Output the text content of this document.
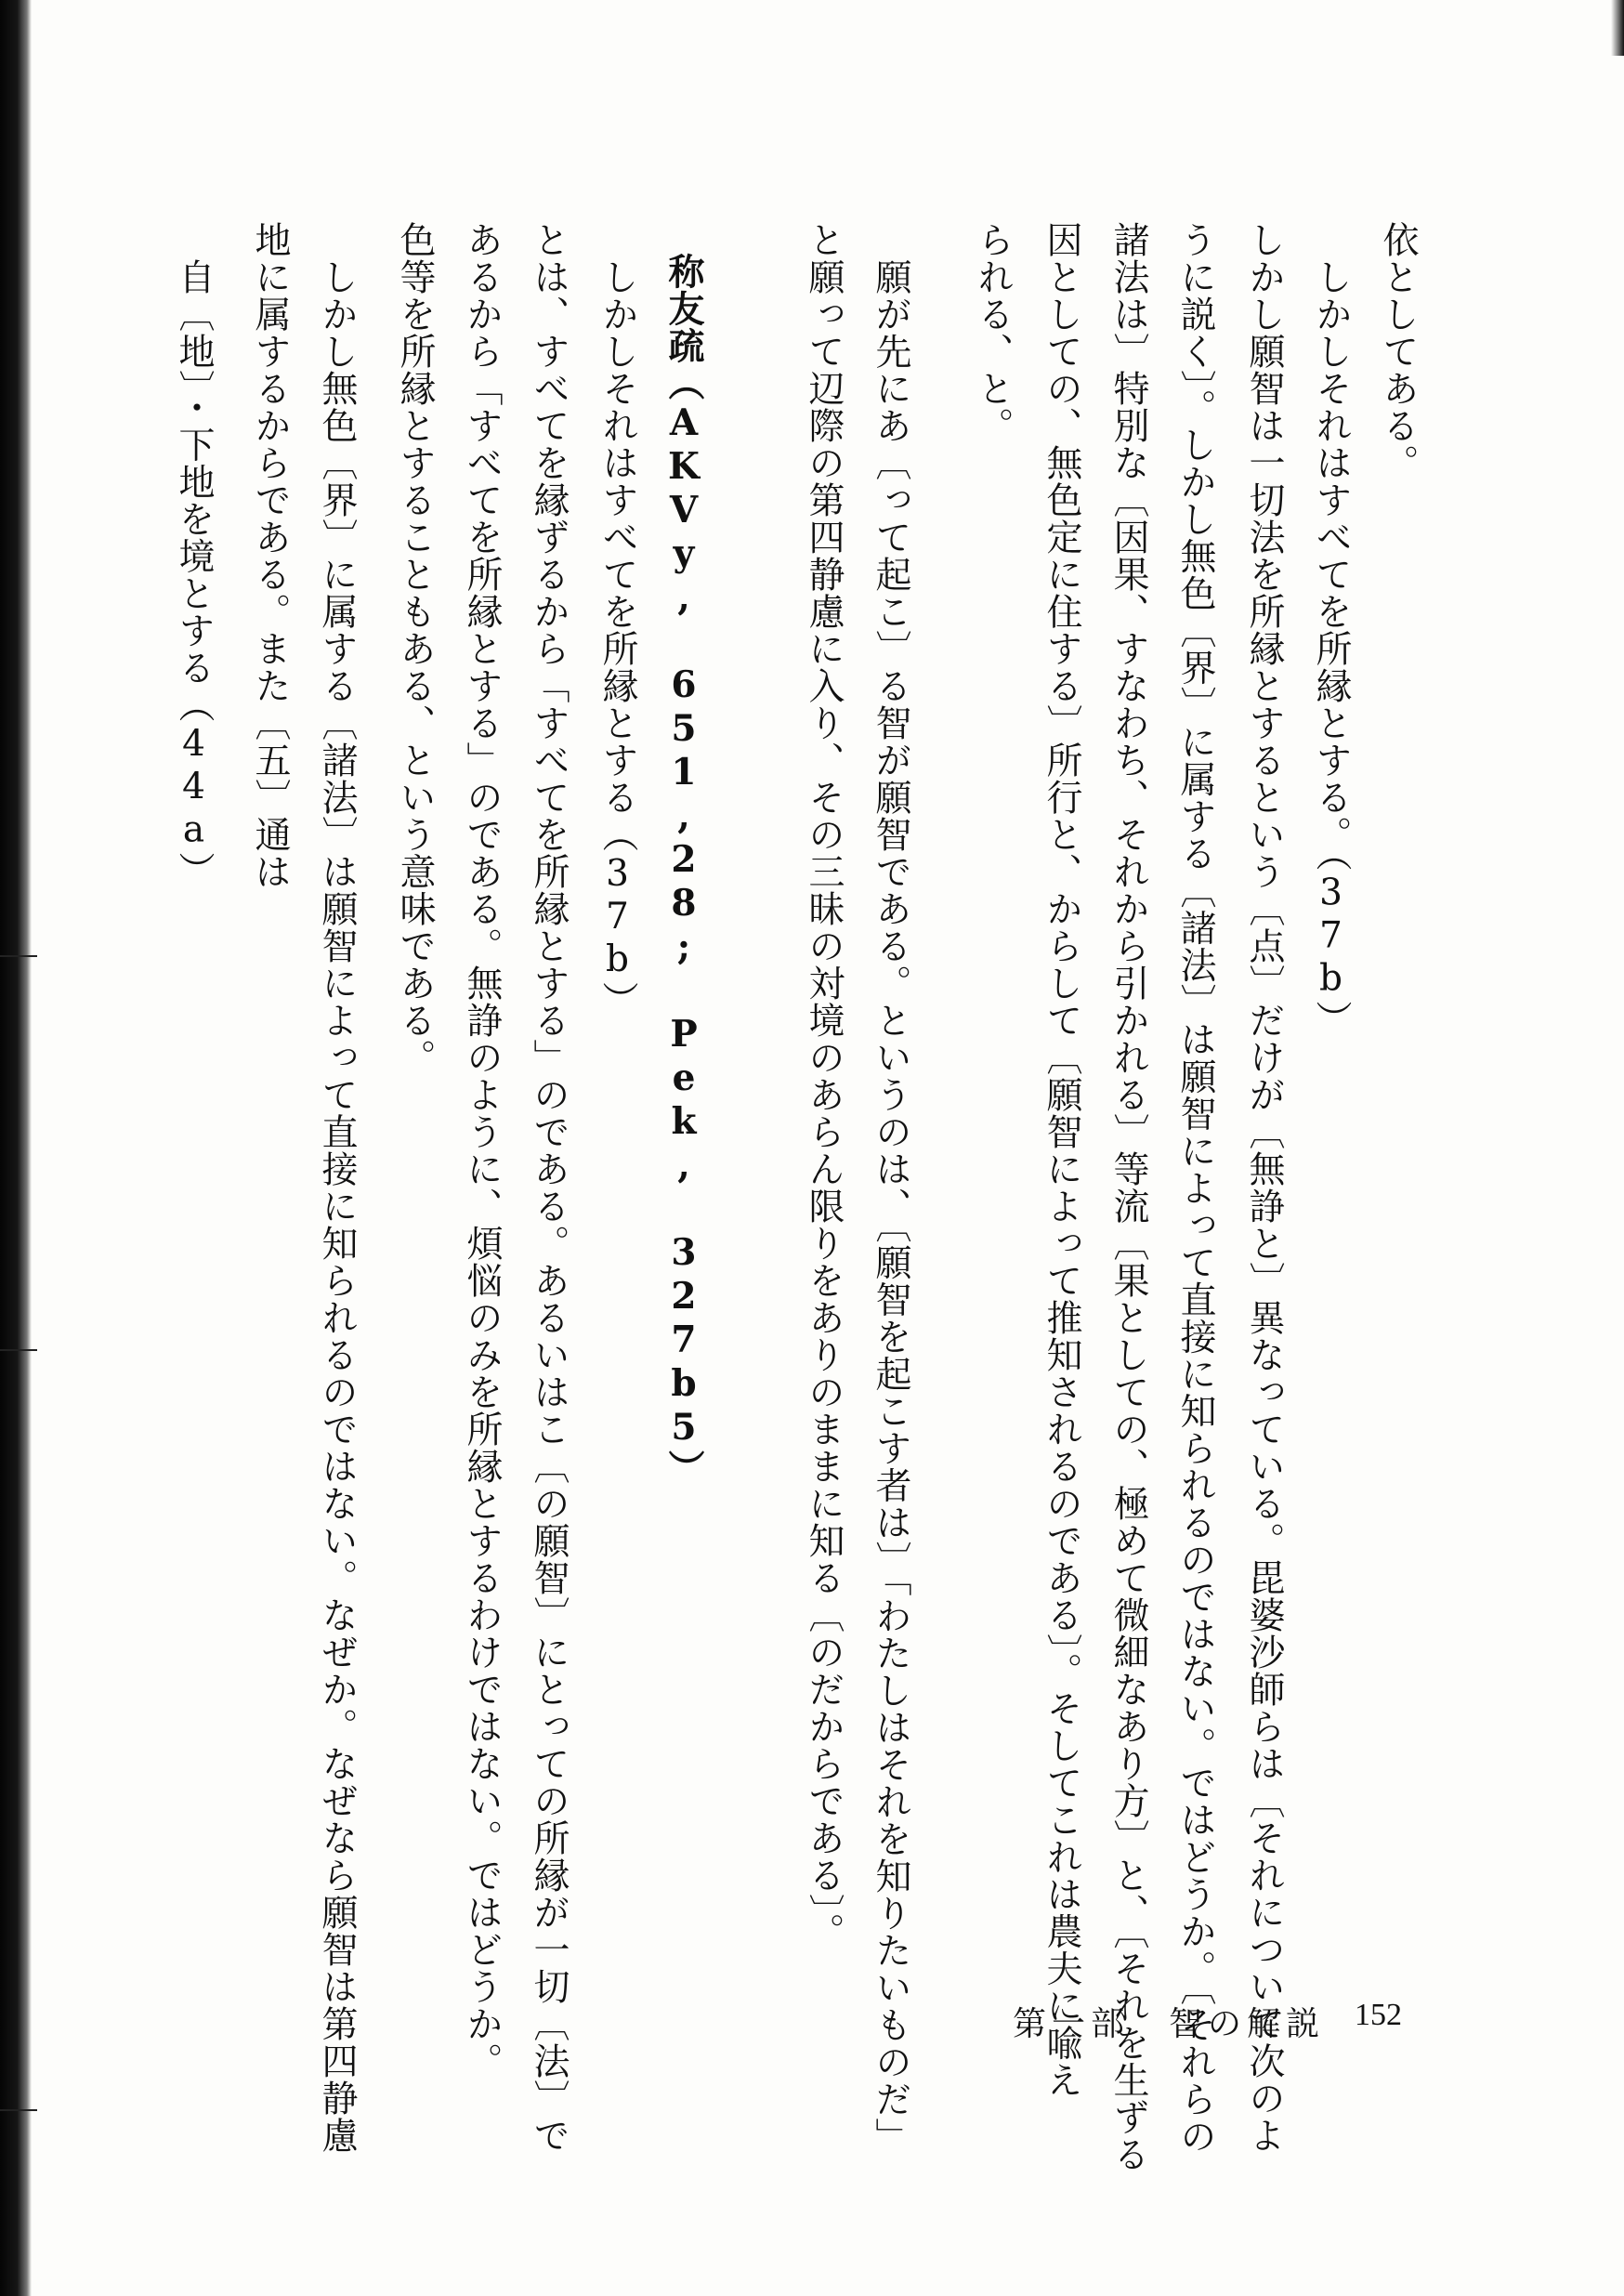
依としてある。
　しかしそれはすべてを所縁とする。（37b）
しかし願智は一切法を所縁とするという〔点〕だけが〔無諍と〕異なっている。毘婆沙師らは〔それについて次のよ
うに説く〕。しかし無色〔界〕に属する〔諸法〕は願智によって直接に知られるのではない。ではどうか。〔それらの
諸法は〕特別な〔因果、すなわち、それから引かれる〕等流〔果としての、極めて微細なあり方〕と、〔それを生ずる
因としての、無色定に住する〕所行と、からして〔願智によって推知されるのである〕。そしてこれは農夫に喩え
られる、と。
　願が先にあ〔って起こ〕る智が願智である。というのは、〔願智を起こす者は〕「わたしはそれを知りたいものだ」
と願って辺際の第四静慮に入り、その三昧の対境のあらん限りをありのままに知る〔のだからである〕。
称友疏（AKVy, 651,28; Pek, 327b5）
　しかしそれはすべてを所縁とする（37b）
とは、すべてを縁ずるから「すべてを所縁とする」のである。あるいはこ〔の願智〕にとっての所縁が一切〔法〕で
あるから「すべてを所縁とする」のである。無諍のように、煩悩のみを所縁とするわけではない。ではどうか。
色等を所縁とすることもある、という意味である。
　しかし無色〔界〕に属する〔諸法〕は願智によって直接に知られるのではない。なぜか。なぜなら願智は第四静慮
地に属するからである。また〔五〕通は
　自〔地〕・下地を境とする（44a）
第一部　智の解説 152
